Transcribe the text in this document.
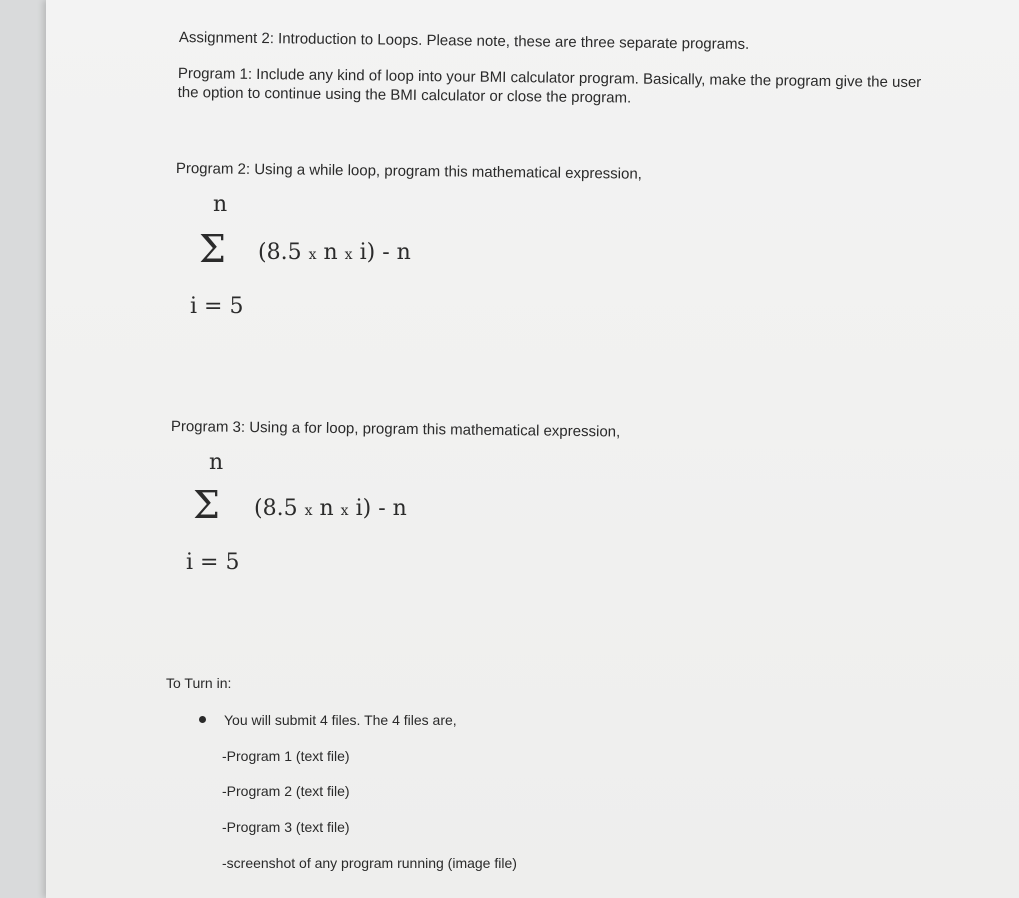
Assignment 2: Introduction to Loops. Please note, these are three separate programs.
Program 1: Include any kind of loop into your BMI calculator program. Basically, make the program give the user the option to continue using the BMI calculator or close the program.
Program 2: Using a while loop, program this mathematical expression,
n
Σ (8.5 x n x i) - n
i = 5
Program 3: Using a for loop, program this mathematical expression,
n
Σ (8.5 x n x i) - n
i = 5
To Turn in:
You will submit 4 files. The 4 files are,
-Program 1 (text file)
-Program 2 (text file)
-Program 3 (text file)
-screenshot of any program running (image file)
